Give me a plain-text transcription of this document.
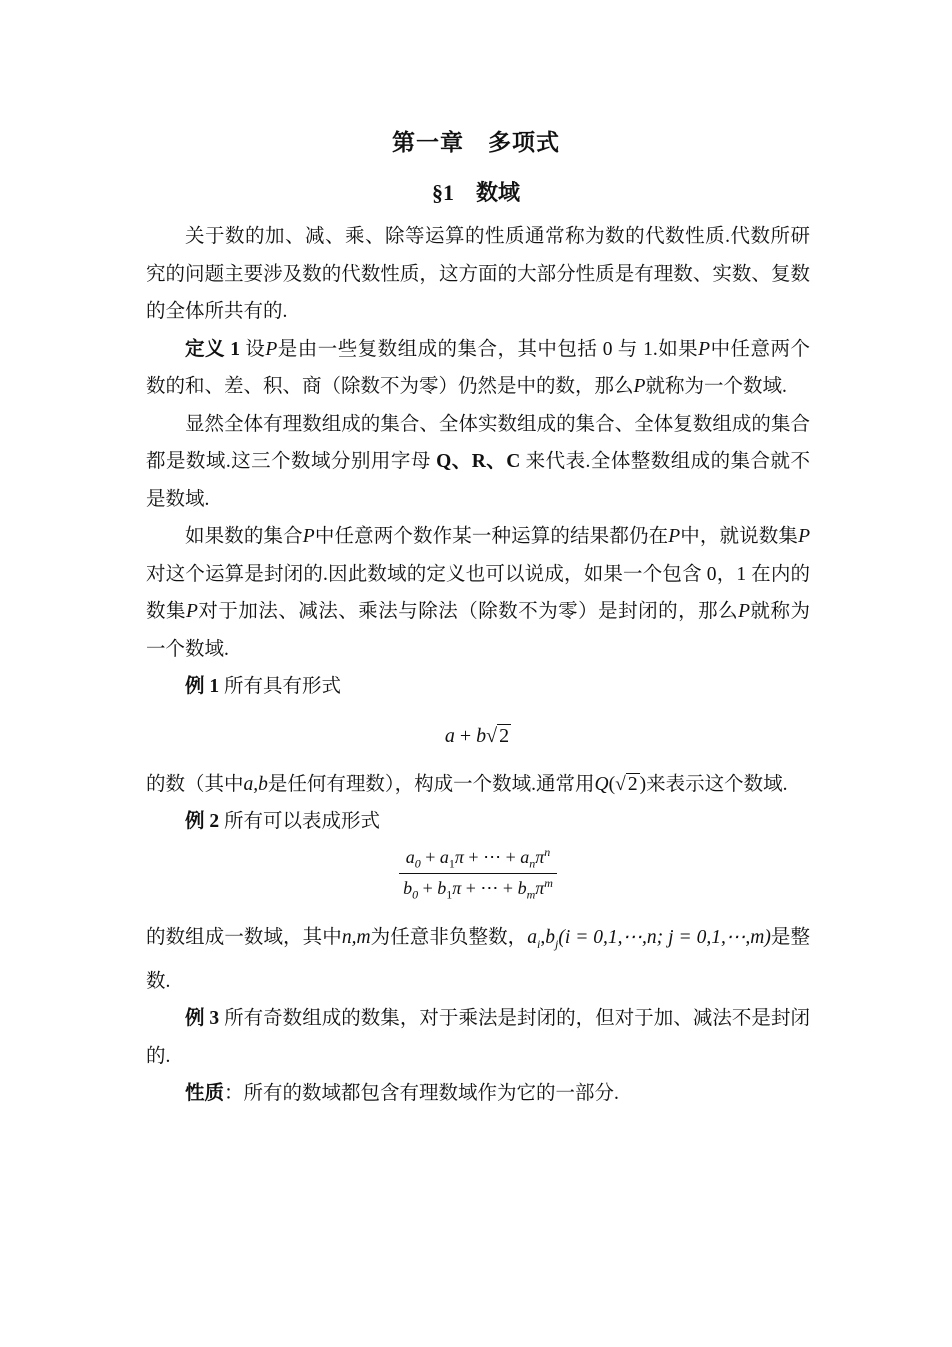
第一章　多项式
§1　数域

关于数的加、减、乘、除等运算的性质通常称为数的代数性质.代数所研究的问题主要涉及数的代数性质，这方面的大部分性质是有理数、实数、复数的全体所共有的.

定义 1 设P是由一些复数组成的集合，其中包括 0 与 1.如果P中任意两个数的和、差、积、商（除数不为零）仍然是中的数，那么P就称为一个数域.

显然全体有理数组成的集合、全体实数组成的集合、全体复数组成的集合都是数域.这三个数域分别用字母 Q、R、C 来代表.全体整数组成的集合就不是数域.

如果数的集合P中任意两个数作某一种运算的结果都仍在P中，就说数集P对这个运算是封闭的.因此数域的定义也可以说成，如果一个包含 0，1 在内的数集P对于加法、减法、乘法与除法（除数不为零）是封闭的，那么P就称为一个数域.

例 1 所有具有形式

a + b√ 2

的数（其中a,b是任何有理数），构成一个数域.通常用Q(√ 2 )来表示这个数域.

例 2 所有可以表成形式

$\frac{a_0 + a_1\pi + \cdots + a_n\pi^n}{b_0 + b_1\pi + \cdots + b_m\pi^m}$

的数组成一数域，其中n,m为任意非负整数，$a_i,b_j(i$ = 0,1,⋯,n; j = 0,1,⋯,m)是整数.

例 3 所有奇数组成的数集，对于乘法是封闭的，但对于加、减法不是封闭的.

性质：所有的数域都包含有理数域作为它的一部分.
